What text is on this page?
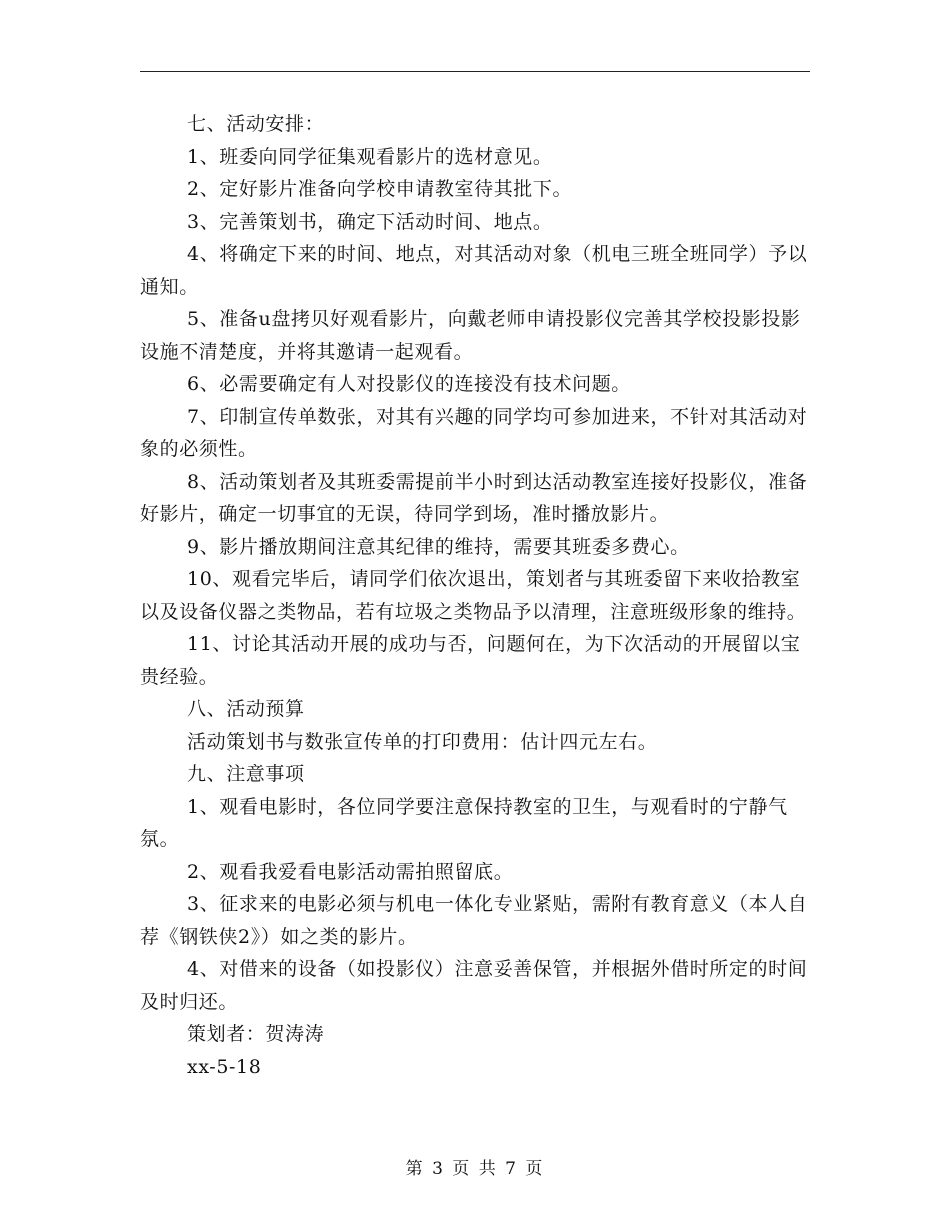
七、活动安排：

1、班委向同学征集观看影片的选材意见。

2、定好影片准备向学校申请教室待其批下。

3、完善策划书，确定下活动时间、地点。

4、将确定下来的时间、地点，对其活动对象（机电三班全班同学）予以通知。

5、准备u盘拷贝好观看影片，向戴老师申请投影仪完善其学校投影投影设施不清楚度，并将其邀请一起观看。

6、必需要确定有人对投影仪的连接没有技术问题。

7、印制宣传单数张，对其有兴趣的同学均可参加进来，不针对其活动对象的必须性。

8、活动策划者及其班委需提前半小时到达活动教室连接好投影仪，准备好影片，确定一切事宜的无误，待同学到场，准时播放影片。

9、影片播放期间注意其纪律的维持，需要其班委多费心。

10、观看完毕后，请同学们依次退出，策划者与其班委留下来收拾教室以及设备仪器之类物品，若有垃圾之类物品予以清理，注意班级形象的维持。

11、讨论其活动开展的成功与否，问题何在，为下次活动的开展留以宝贵经验。

八、活动预算

活动策划书与数张宣传单的打印费用：估计四元左右。

九、注意事项

1、观看电影时，各位同学要注意保持教室的卫生，与观看时的宁静气氛。

2、观看我爱看电影活动需拍照留底。

3、征求来的电影必须与机电一体化专业紧贴，需附有教育意义（本人自荐《钢铁侠2》）如之类的影片。

4、对借来的设备（如投影仪）注意妥善保管，并根据外借时所定的时间及时归还。

策划者：贺涛涛

xx-5-18

第 3 页 共 7 页
